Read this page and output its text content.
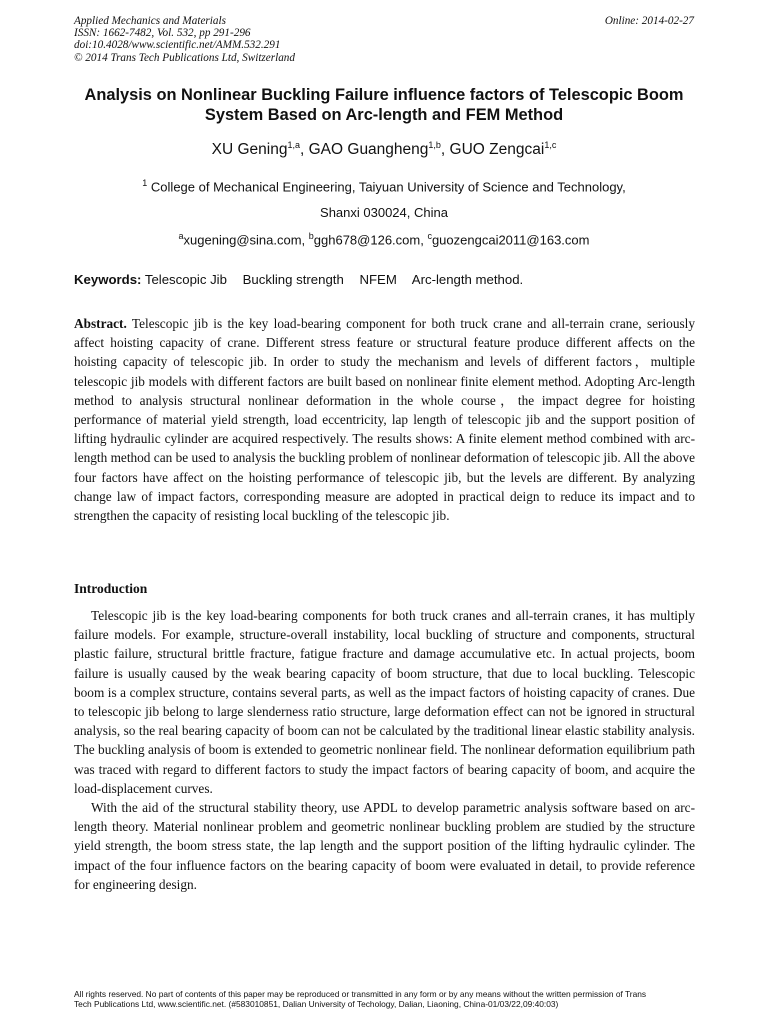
Applied Mechanics and Materials
ISSN: 1662-7482, Vol. 532, pp 291-296
doi:10.4028/www.scientific.net/AMM.532.291
© 2014 Trans Tech Publications Ltd, Switzerland
Online: 2014-02-27
Analysis on Nonlinear Buckling Failure influence factors of Telescopic Boom System Based on Arc-length and FEM Method
XU Gening$^{1,a}$, GAO Guangheng$^{1,b}$, GUO Zengcai$^{1,c}$
$^1$ College of Mechanical Engineering, Taiyuan University of Science and Technology,
Shanxi 030024, China
$^a$xugening@sina.com, $^b$ggh678@126.com, $^c$guozengcai2011@163.com
Keywords: Telescopic Jib Buckling strength NFEM Arc-length method.
Abstract. Telescopic jib is the key load-bearing component for both truck crane and all-terrain crane, seriously affect hoisting capacity of crane. Different stress feature or structural feature produce different affects on the hoisting capacity of telescopic jib. In order to study the mechanism and levels of different factors，multiple telescopic jib models with different factors are built based on nonlinear finite element method. Adopting Arc-length method to analysis structural nonlinear deformation in the whole course，the impact degree for hoisting performance of material yield strength, load eccentricity, lap length of telescopic jib and the support position of lifting hydraulic cylinder are acquired respectively. The results shows: A finite element method combined with arc-length method can be used to analysis the buckling problem of nonlinear deformation of telescopic jib. All the above four factors have affect on the hoisting performance of telescopic jib, but the levels are different. By analyzing change law of impact factors, corresponding measure are adopted in practical deign to reduce its impact and to strengthen the capacity of resisting local buckling of the telescopic jib.
Introduction

Telescopic jib is the key load-bearing components for both truck cranes and all-terrain cranes, it has multiply failure models. For example, structure-overall instability, local buckling of structure and components, structural plastic failure, structural brittle fracture, fatigue fracture and damage accumulative etc. In actual projects, boom failure is usually caused by the weak bearing capacity of boom structure, that due to local buckling. Telescopic boom is a complex structure, contains several parts, as well as the impact factors of hoisting capacity of cranes. Due to telescopic jib belong to large slenderness ratio structure, large deformation effect can not be ignored in structural analysis, so the real bearing capacity of boom can not be calculated by the traditional linear elastic stability analysis. The buckling analysis of boom is extended to geometric nonlinear field. The nonlinear deformation equilibrium path was traced with regard to different factors to study the impact factors of bearing capacity of boom, and acquire the load-displacement curves.

With the aid of the structural stability theory, use APDL to develop parametric analysis software based on arc-length theory. Material nonlinear problem and geometric nonlinear buckling problem are studied by the structure yield strength, the boom stress state, the lap length and the support position of the lifting hydraulic cylinder. The impact of the four influence factors on the bearing capacity of boom were evaluated in detail, to provide reference for engineering design.

All rights reserved. No part of contents of this paper may be reproduced or transmitted in any form or by any means without the written permission of Trans
Tech Publications Ltd, www.scientific.net. (#583010851, Dalian University of Techology, Dalian, Liaoning, China-01/03/22,09:40:03)
